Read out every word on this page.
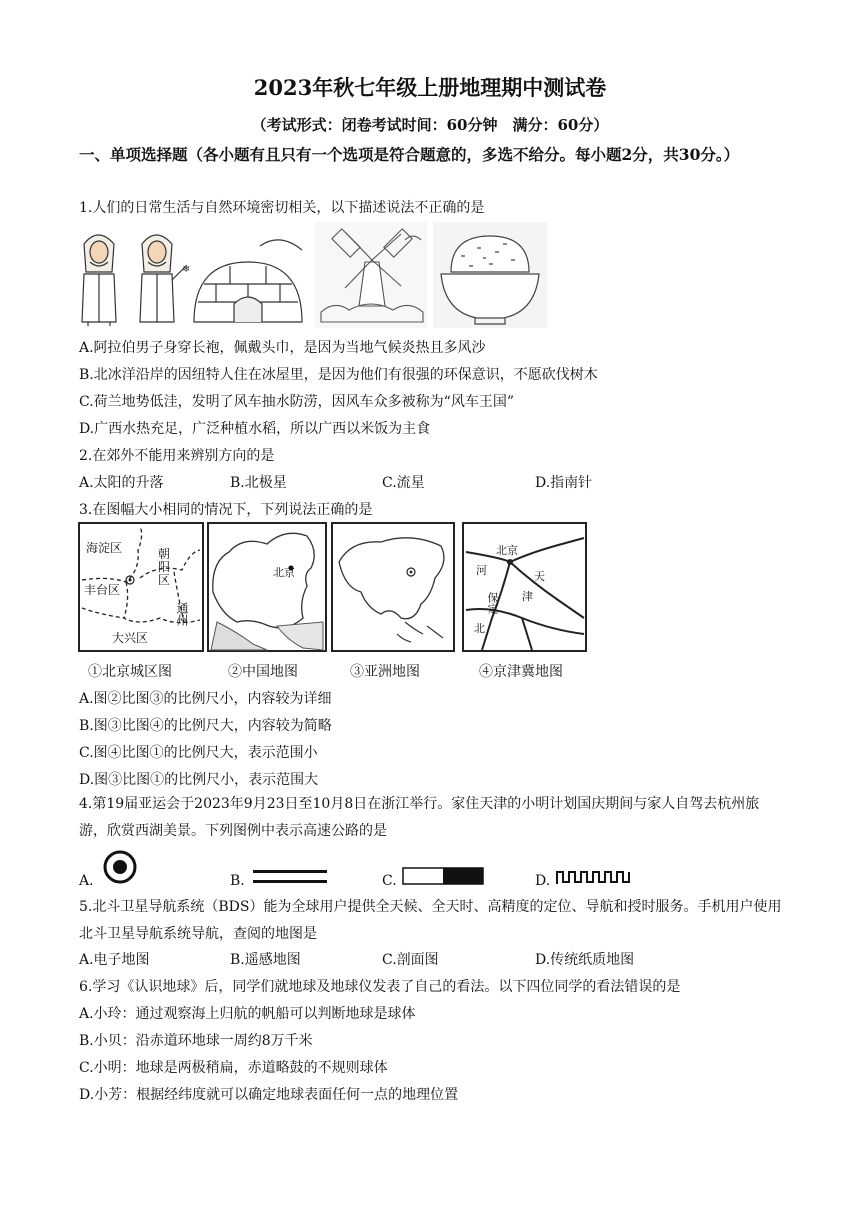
2023年秋七年级上册地理期中测试卷
（考试形式：闭卷考试时间：60分钟　满分：60分）
一、单项选择题（各小题有且只有一个选项是符合题意的，多选不给分。每小题2分，共30分。）
1.人们的日常生活与自然环境密切相关，以下描述说法不正确的是
❄
A.阿拉伯男子身穿长袍，佩戴头巾，是因为当地气候炎热且多风沙
B.北冰洋沿岸的因纽特人住在冰屋里，是因为他们有很强的环保意识，不愿砍伐树木
C.荷兰地势低洼，发明了风车抽水防涝，因风车众多被称为“风车王国”
D.广西水热充足，广泛种植水稻，所以广西以米饭为主食
2.在郊外不能用来辨别方向的是
A.太阳的升落	B.北极星	C.流星	D.指南针
3.在图幅大小相同的情况下，下列说法正确的是
海淀区	朝阳区
丰台区
通州
大兴区
北京
北京
河	天
保定 津
北
①北京城区图	②中国地图	③亚洲地图	④京津冀地图
A.图②比图③的比例尺小，内容较为详细
B.图③比图④的比例尺大，内容较为简略
C.图④比图①的比例尺大，表示范围小
D.图③比图①的比例尺小，表示范围大
4.第19届亚运会于2023年9月23日至10月8日在浙江举行。家住天津的小明计划国庆期间与家人自驾去杭州旅游，欣赏西湖美景。下列图例中表示高速公路的是
A.	B.	C.	D.
5.北斗卫星导航系统（BDS）能为全球用户提供全天候、全天时、高精度的定位、导航和授时服务。手机用户使用北斗卫星导航系统导航，查阅的地图是
A.电子地图	B.遥感地图	C.剖面图	D.传统纸质地图
6.学习《认识地球》后，同学们就地球及地球仪发表了自己的看法。以下四位同学的看法错误的是
A.小玲：通过观察海上归航的帆船可以判断地球是球体
B.小贝：沿赤道环地球一周约8万千米
C.小明：地球是两极稍扁，赤道略鼓的不规则球体
D.小芳：根据经纬度就可以确定地球表面任何一点的地理位置
